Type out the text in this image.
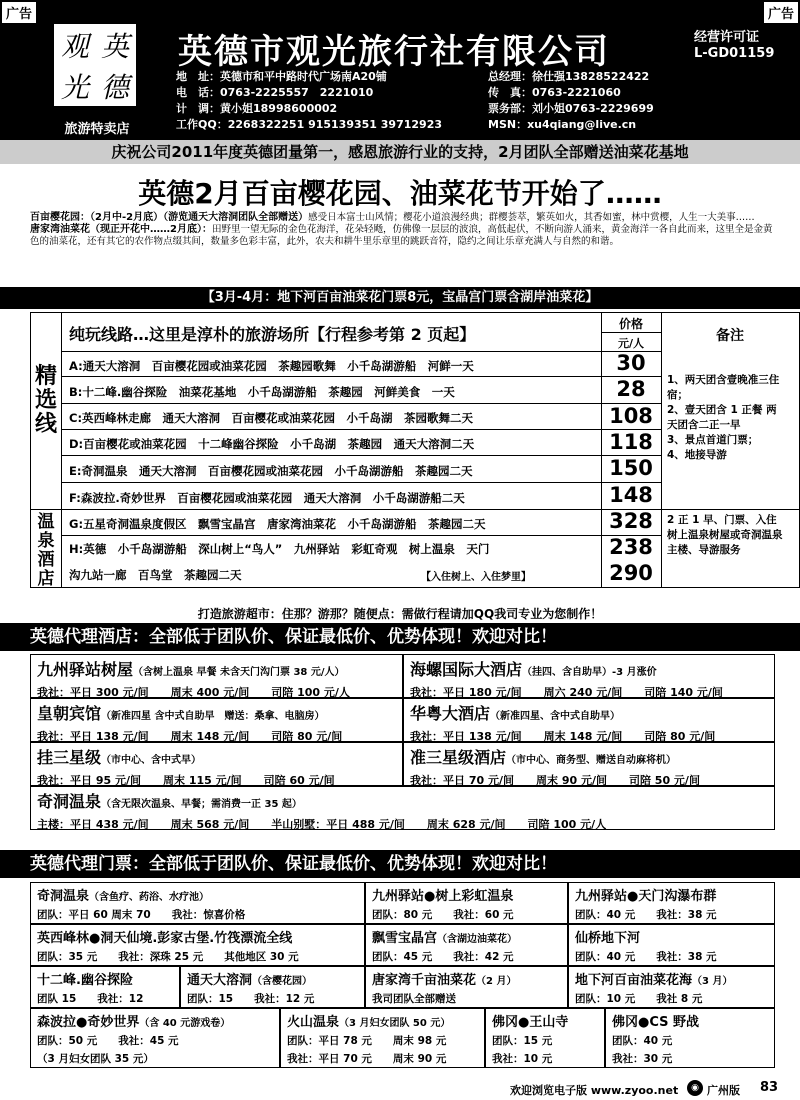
广告	广告
观 英
光 德
旅游特卖店
英德市观光旅行社有限公司	经营许可证
L-GD01159
地　址：英德市和平中路时代广场南A20铺
电　话：0763-2225557　2221010
计　调：黄小姐18998600002
工作QQ：2268322251 915139351 39712923
总经理：徐仕强13828522422
传　真：0763-2221060
票务部：刘小姐0763-2229699
MSN：xu4qiang@live.cn
庆祝公司2011年度英德团量第一，感恩旅游行业的支持，2月团队全部赠送油菜花基地
英德2月百亩樱花园、油菜花节开始了……

百亩樱花园：（2月中-2月底）（游览通天大溶洞团队全部赠送）感受日本富士山风情；樱花小道浪漫经典；群樱荟萃，繁英如火，其香如蜜，林中赏樱，人生一大美事……

唐家湾油菜花（现正开花中……2月底）：田野里一望无际的金色花海洋，花朵轻飏，仿佛像一层层的波浪，高低起伏，不断向游人涌来，黄金海洋一各自此而来，这里全是金黄色的油菜花，还有其它的农作物点缀其间，数量多色彩丰富，此外，农夫和耕牛里乐章里的跳跃音符，隐约之间让乐章充满人与自然的和谐。

【3月-4月：地下河百亩油菜花门票8元，宝晶宫门票含湖岸油菜花】
纯玩线路…这里是淳朴的旅游场所【行程参考第 2 页起】
价格
元/人	备注
精选线
温泉酒店
A:通天大溶洞　百亩樱花园或油菜花园　茶趣园歌舞　小千岛湖游船　河鲜一天	30
B:十二峰.幽谷探险　油菜花基地　小千岛湖游船　茶趣园　河鲜美食　一天	28
C:英西峰林走廊　通天大溶洞　百亩樱花或油菜花园　小千岛湖　茶园歌舞二天	108
D:百亩樱花或油菜花园　十二峰幽谷探险　小千岛湖　茶趣园　通天大溶洞二天	118
E:奇洞温泉　通天大溶洞　百亩樱花园或油菜花园　小千岛湖游船　茶趣园二天	150
F:森波拉.奇妙世界　百亩樱花园或油菜花园　通天大溶洞　小千岛湖游船二天	148
G:五星奇洞温泉度假区　飘雪宝晶宫　唐家湾油菜花　小千岛湖游船　茶趣园二天	328
H:英德　小千岛湖游船　深山树上“鸟人”　九州驿站　彩虹奇观　树上温泉　天门	238
沟九站一廊　百鸟堂　茶趣园二天	【入住树上、入住梦里】	290
1、两天团含壹晚准三住宿；
2、壹天团含 1 正餐 两天团含二正一早
3、景点首道门票；
4、地接导游
2 正 1 早、门票、入住树上温泉树屋或奇洞温泉主楼、导游服务
打造旅游超市：住那？游那？随便点：需做行程请加QQ我司专业为您制作！
英德代理酒店：全部低于团队价、保证最低价、优势体现！欢迎对比！
九州驿站树屋（含树上温泉 早餐 未含天门沟门票 38 元/人）
我社：平日 300 元/间　　周末 400 元/间　　司陪 100 元/人
海螺国际大酒店（挂四、含自助早）-3 月涨价
我社：平日 180 元/间　　周六 240 元/间　　司陪 140 元/间
皇朝宾馆（新准四星 含中式自助早　赠送：桑拿、电脑房）
我社：平日 138 元/间　　周末 148 元/间　　司陪 80 元/间
华粤大酒店（新准四星、含中式自助早）
我社：平日 138 元/间　　周末 148 元/间　　司陪 80 元/间
挂三星级（市中心、含中式早）
我社：平日 95 元/间　　周末 115 元/间　　司陪 60 元/间
准三星级酒店（市中心、商务型、赠送自动麻将机）
我社：平日 70 元/间　　周末 90 元/间　　司陪 50 元/间
奇洞温泉（含无限次温泉、早餐；需消费一正 35 起）
主楼：平日 438 元/间　　周末 568 元/间　　半山别墅：平日 488 元/间　　周末 628 元/间　　司陪 100 元/人
英德代理门票：全部低于团队价、保证最低价、优势体现！欢迎对比！
奇洞温泉（含鱼疗、药浴、水疗池）
团队：平日 60 周末 70　　我社：惊喜价格
九州驿站●树上彩虹温泉
团队：80 元　　我社：60 元
九州驿站●天门沟瀑布群
团队：40 元　　我社：38 元
英西峰林●洞天仙境.彭家古堡.竹筏漂流全线
团队：35 元　　我社：深珠 25 元　　其他地区 30 元
飘雪宝晶宫（含湖边油菜花）
团队：45 元　　我社：42 元
仙桥地下河
团队：40 元　　我社：38 元
十二峰.幽谷探险
团队 15　　我社：12
通天大溶洞（含樱花园）
团队：15　　我社：12 元
唐家湾千亩油菜花（2 月）
我司团队全部赠送
地下河百亩油菜花海（3 月）
团队：10 元　　我社 8 元
森波拉●奇妙世界（含 40 元游戏卷）
团队：50 元　　我社：45 元
（3 月妇女团队 35 元）
火山温泉（3 月妇女团队 50 元）
团队：平日 78 元　　周末 98 元
我社：平日 70 元　　周末 90 元
佛冈●王山寺
团队：15 元
我社：10 元
佛冈●CS 野战
团队：40 元
我社：30 元
欢迎浏览电子版 www.zyoo.net	◉ 广州版 83
